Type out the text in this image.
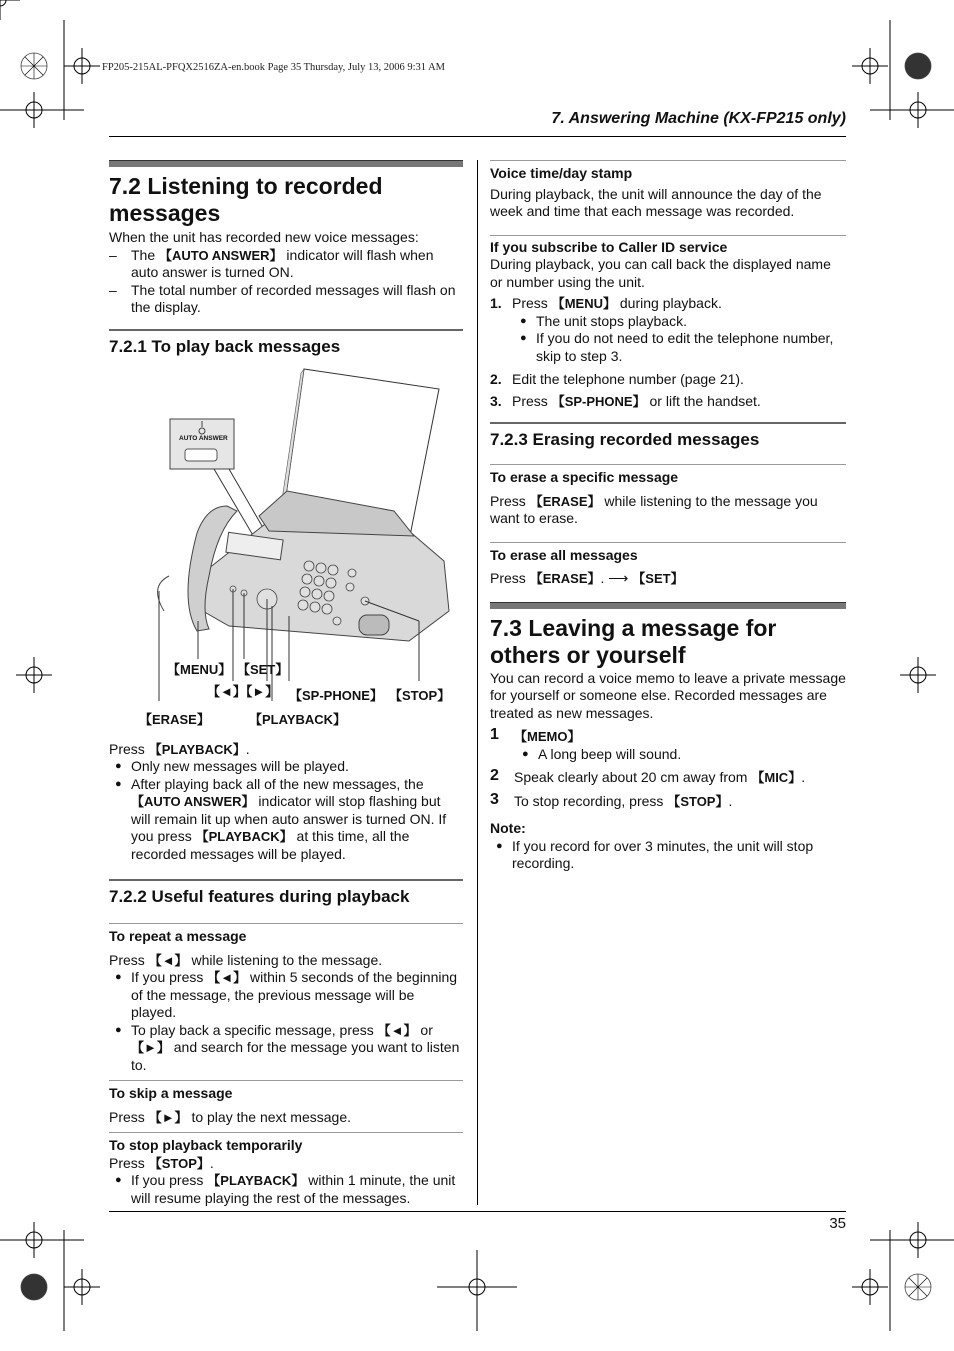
FP205-215AL-PFQX2516ZA-en.book Page 35 Thursday, July 13, 2006 9:31 AM
7. Answering Machine (KX-FP215 only)
35
7.2 Listening to recorded messages

When the unit has recorded new voice messages:

– The 【AUTO ANSWER】 indicator will flash when auto answer is turned ON.

– The total number of recorded messages will flash on the display.

7.2.1 To play back messages
AUTO ANSWER
【MENU】 【SET】
【◄】【►】 【SP-PHONE】 【STOP】
【ERASE】	【PLAYBACK】

Press 【PLAYBACK】.

● Only new messages will be played.

● After playing back all of the new messages, the 【AUTO ANSWER】 indicator will stop flashing but will remain lit up when auto answer is turned ON. If you press 【PLAYBACK】 at this time, all the recorded messages will be played.

7.2.2 Useful features during playback
To repeat a message

Press 【◄】 while listening to the message.

● If you press 【◄】 within 5 seconds of the beginning of the message, the previous message will be played.

● To play back a specific message, press 【◄】 or 【►】 and search for the message you want to listen to.

To skip a message

Press 【►】 to play the next message.

To stop playback temporarily

Press 【STOP】.

● If you press 【PLAYBACK】 within 1 minute, the unit will resume playing the rest of the messages.

Voice time/day stamp

During playback, the unit will announce the day of the week and time that each message was recorded.

If you subscribe to Caller ID service

During playback, you can call back the displayed name or number using the unit.

1. Press 【MENU】 during playback.

● The unit stops playback.

● If you do not need to edit the telephone number, skip to step 3.

2. Edit the telephone number (page 21).

3. Press 【SP-PHONE】 or lift the handset.

7.2.3 Erasing recorded messages
To erase a specific message

Press 【ERASE】 while listening to the message you want to erase.

To erase all messages

Press 【ERASE】. ⟶ 【SET】

7.3 Leaving a message for others or yourself

You can record a voice memo to leave a private message for yourself or someone else. Recorded messages are treated as new messages.

1 【MEMO】

● A long beep will sound.

2 Speak clearly about 20 cm away from 【MIC】.

3 To stop recording, press 【STOP】.

Note:

● If you record for over 3 minutes, the unit will stop recording.
